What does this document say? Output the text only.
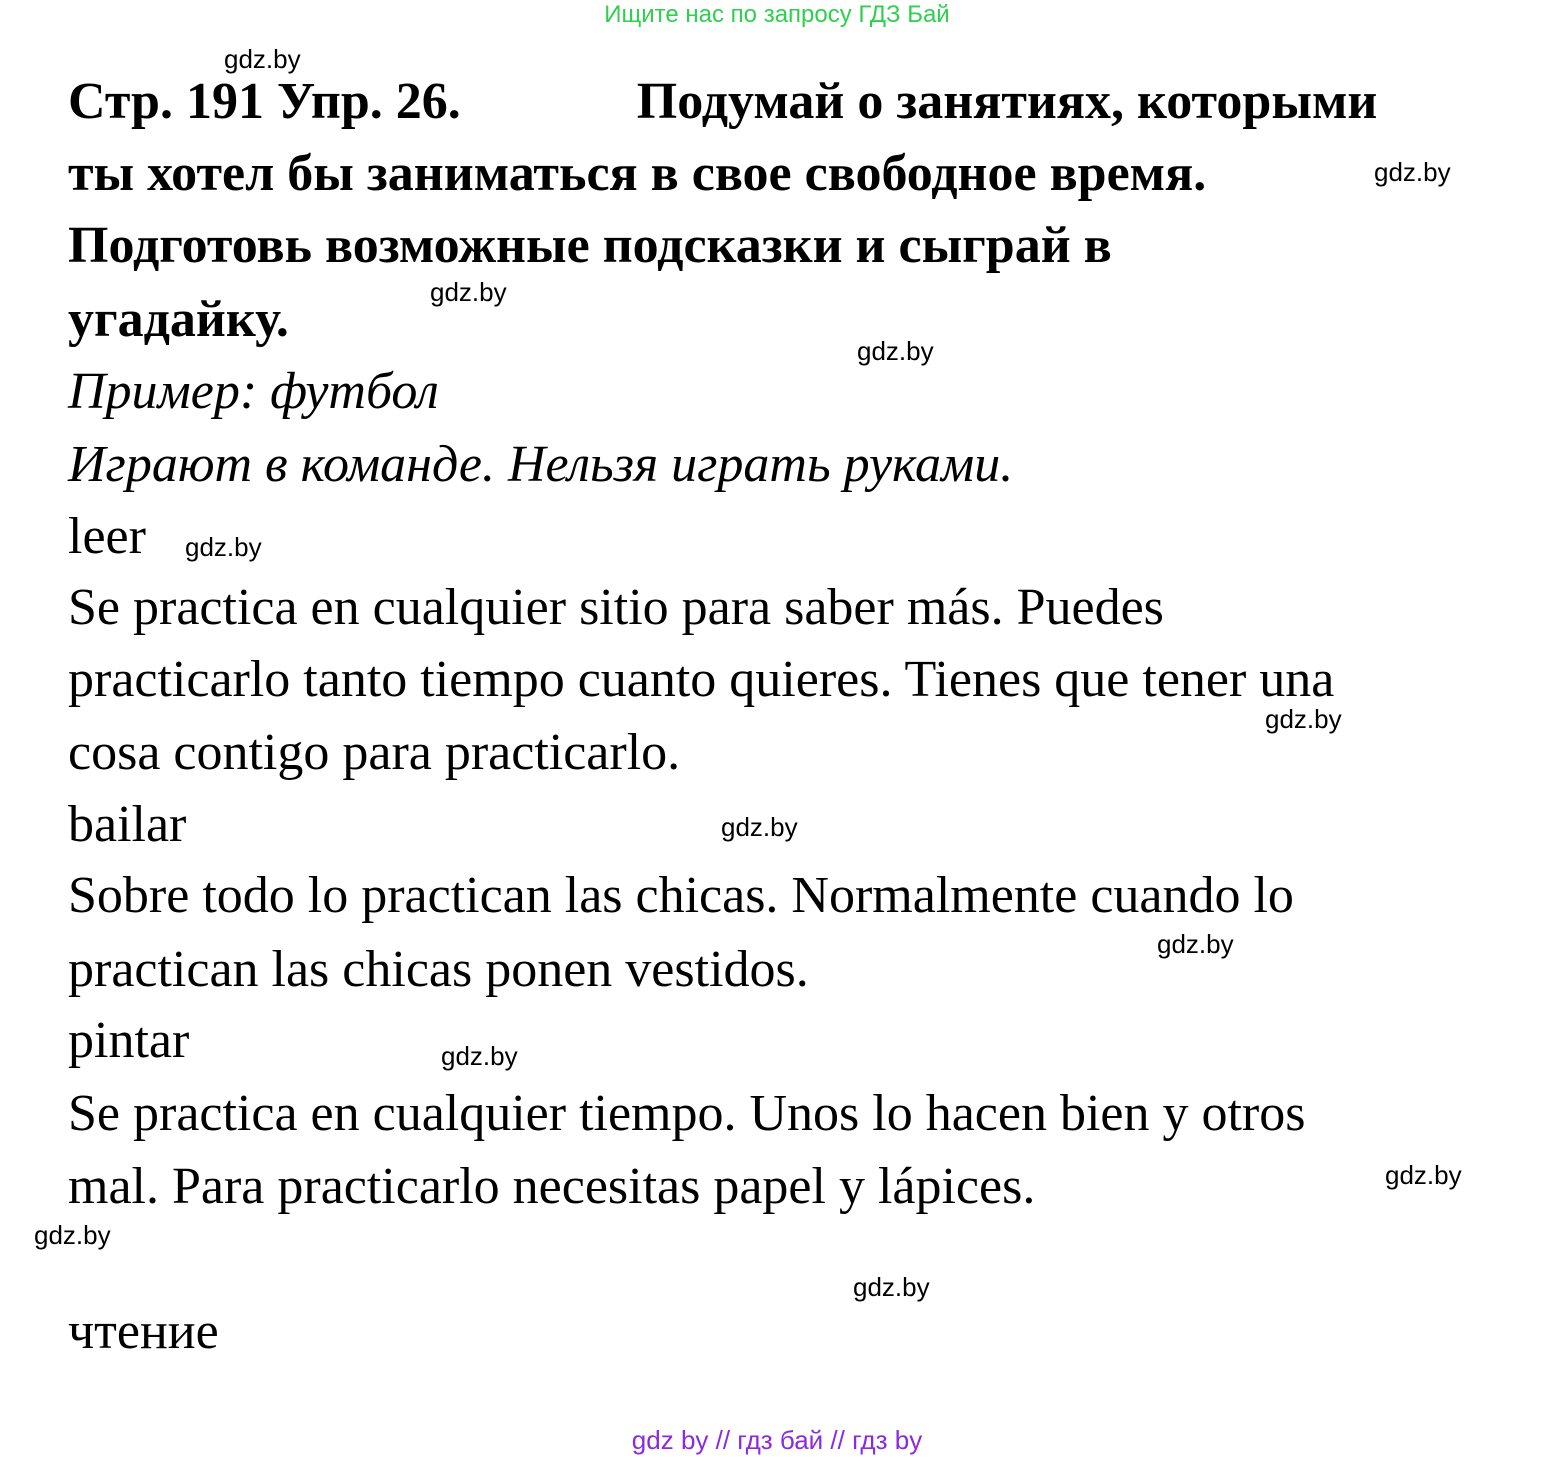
Ищите нас по запросу ГДЗ Бай
Стр. 191 Упр. 26.	Подумай о занятиях, которыми
ты хотел бы заниматься в свое свободное время.
Подготовь возможные подсказки и сыграй в
угадайку.
Пример: футбол
Играют в команде. Нельзя играть руками.
leer
Se practica en cualquier sitio para saber más. Puedes
practicarlo tanto tiempo cuanto quieres. Tienes que tener una
cosa contigo para practicarlo.
bailar
Sobre todo lo practican las chicas. Normalmente cuando lo
practican las chicas ponen vestidos.
pintar
Se practica en cualquier tiempo. Unos lo hacen bien y otros
mal. Para practicarlo necesitas papel y lápices.
чтение
gdz.by
gdz.by
gdz.by
gdz.by
gdz.by
gdz.by
gdz.by
gdz.by
gdz.by
gdz.by
gdz.by
gdz.by
gdz by // гдз бай // гдз by
